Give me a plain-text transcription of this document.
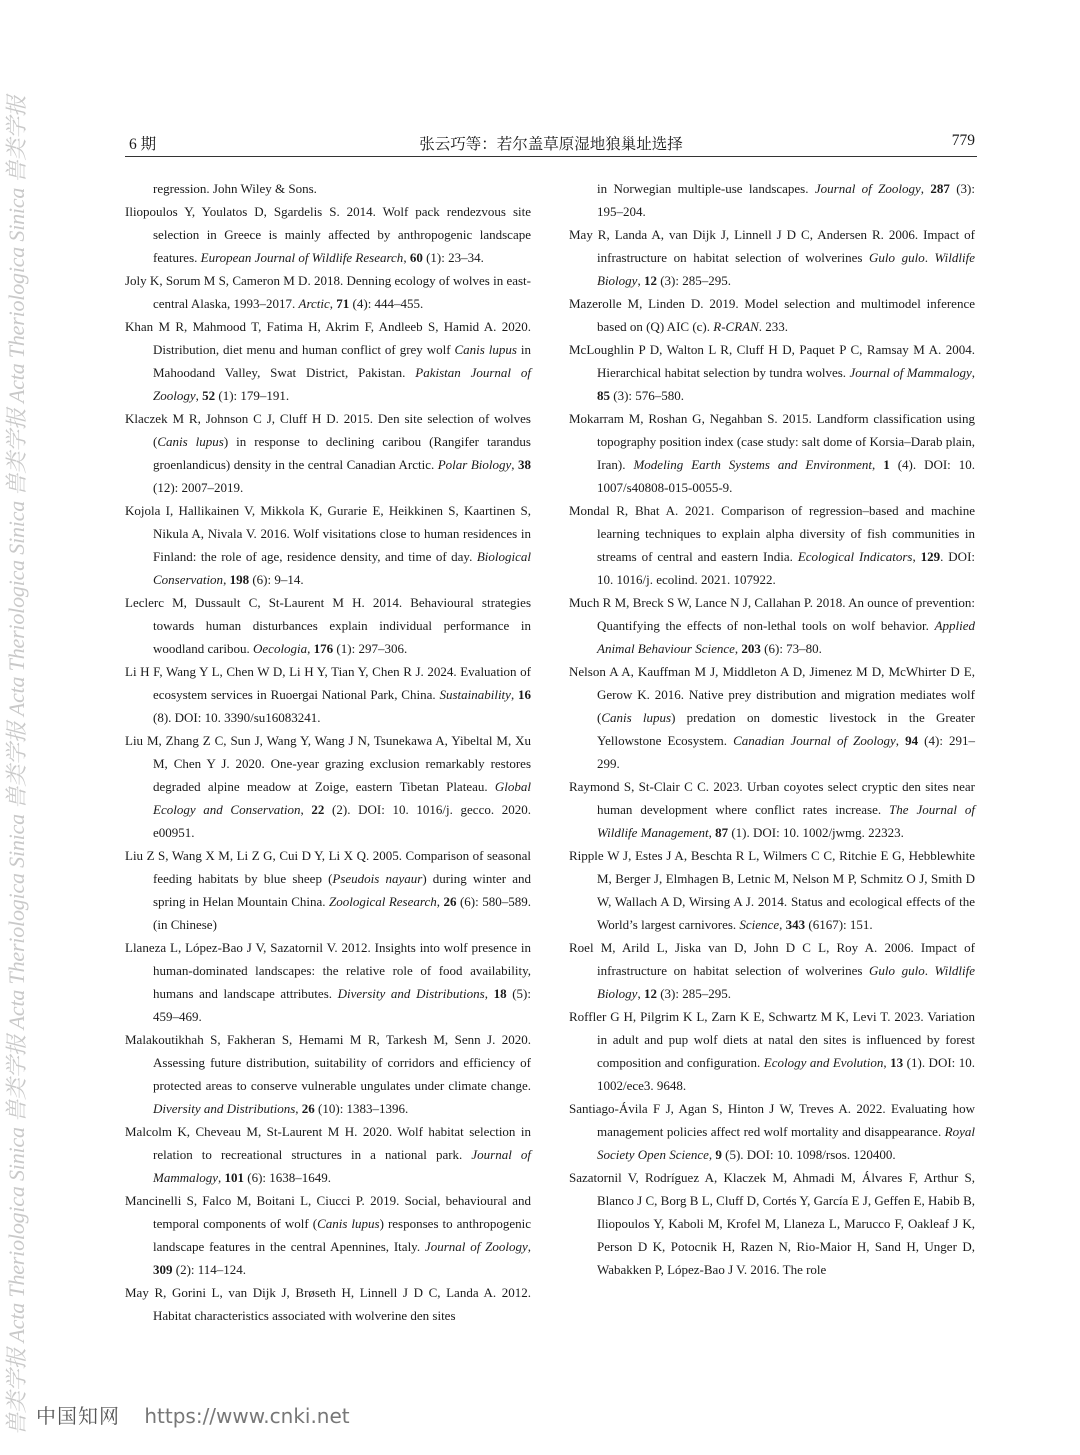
兽类学报 Acta Theriologica Sinica 兽类学报 Acta Theriologica Sinica 兽类学报 Acta Theriologica Sinica 兽类学报 Acta Theriologica Sinica 兽类学报
6 期	张云巧等：若尔盖草原湿地狼巢址选择	779

regression. John Wiley & Sons.

Iliopoulos Y, Youlatos D, Sgardelis S. 2014. Wolf pack rendezvous site selection in Greece is mainly affected by anthropogenic landscape features. European Journal of Wildlife Research, 60 (1): 23–34.

Joly K, Sorum M S, Cameron M D. 2018. Denning ecology of wolves in east-central Alaska, 1993–2017. Arctic, 71 (4): 444–455.

Khan M R, Mahmood T, Fatima H, Akrim F, Andleeb S, Hamid A. 2020. Distribution, diet menu and human conflict of grey wolf Canis lupus in Mahoodand Valley, Swat District, Pakistan. Pakistan Journal of Zoology, 52 (1): 179–191.

Klaczek M R, Johnson C J, Cluff H D. 2015. Den site selection of wolves (Canis lupus) in response to declining caribou (Rangifer tarandus groenlandicus) density in the central Canadian Arctic. Polar Biology, 38 (12): 2007–2019.

Kojola I, Hallikainen V, Mikkola K, Gurarie E, Heikkinen S, Kaartinen S, Nikula A, Nivala V. 2016. Wolf visitations close to human residences in Finland: the role of age, residence density, and time of day. Biological Conservation, 198 (6): 9–14.

Leclerc M, Dussault C, St-Laurent M H. 2014. Behavioural strategies towards human disturbances explain individual performance in woodland caribou. Oecologia, 176 (1): 297–306.

Li H F, Wang Y L, Chen W D, Li H Y, Tian Y, Chen R J. 2024. Evaluation of ecosystem services in Ruoergai National Park, China. Sustainability, 16 (8). DOI: 10. 3390/su16083241.

Liu M, Zhang Z C, Sun J, Wang Y, Wang J N, Tsunekawa A, Yibeltal M, Xu M, Chen Y J. 2020. One-year grazing exclusion remarkably restores degraded alpine meadow at Zoige, eastern Tibetan Plateau. Global Ecology and Conservation, 22 (2). DOI: 10. 1016/j. gecco. 2020. e00951.

Liu Z S, Wang X M, Li Z G, Cui D Y, Li X Q. 2005. Comparison of seasonal feeding habitats by blue sheep (Pseudois nayaur) during winter and spring in Helan Mountain China. Zoological Research, 26 (6): 580–589. (in Chinese)

Llaneza L, López-Bao J V, Sazatornil V. 2012. Insights into wolf presence in human-dominated landscapes: the relative role of food availability, humans and landscape attributes. Diversity and Distributions, 18 (5): 459–469.

Malakoutikhah S, Fakheran S, Hemami M R, Tarkesh M, Senn J. 2020. Assessing future distribution, suitability of corridors and efficiency of protected areas to conserve vulnerable ungulates under climate change. Diversity and Distributions, 26 (10): 1383–1396.

Malcolm K, Cheveau M, St-Laurent M H. 2020. Wolf habitat selection in relation to recreational structures in a national park. Journal of Mammalogy, 101 (6): 1638–1649.

Mancinelli S, Falco M, Boitani L, Ciucci P. 2019. Social, behavioural and temporal components of wolf (Canis lupus) responses to anthropogenic landscape features in the central Apennines, Italy. Journal of Zoology, 309 (2): 114–124.

May R, Gorini L, van Dijk J, Brøseth H, Linnell J D C, Landa A. 2012. Habitat characteristics associated with wolverine den sites

in Norwegian multiple-use landscapes. Journal of Zoology, 287 (3): 195–204.

May R, Landa A, van Dijk J, Linnell J D C, Andersen R. 2006. Impact of infrastructure on habitat selection of wolverines Gulo gulo. Wildlife Biology, 12 (3): 285–295.

Mazerolle M, Linden D. 2019. Model selection and multimodel inference based on (Q) AIC (c). R-CRAN. 233.

McLoughlin P D, Walton L R, Cluff H D, Paquet P C, Ramsay M A. 2004. Hierarchical habitat selection by tundra wolves. Journal of Mammalogy, 85 (3): 576–580.

Mokarram M, Roshan G, Negahban S. 2015. Landform classification using topography position index (case study: salt dome of Korsia–Darab plain, Iran). Modeling Earth Systems and Environment, 1 (4). DOI: 10. 1007/s40808-015-0055-9.

Mondal R, Bhat A. 2021. Comparison of regression–based and machine learning techniques to explain alpha diversity of fish communities in streams of central and eastern India. Ecological Indicators, 129. DOI: 10. 1016/j. ecolind. 2021. 107922.

Much R M, Breck S W, Lance N J, Callahan P. 2018. An ounce of prevention: Quantifying the effects of non-lethal tools on wolf behavior. Applied Animal Behaviour Science, 203 (6): 73–80.

Nelson A A, Kauffman M J, Middleton A D, Jimenez M D, McWhirter D E, Gerow K. 2016. Native prey distribution and migration mediates wolf (Canis lupus) predation on domestic livestock in the Greater Yellowstone Ecosystem. Canadian Journal of Zoology, 94 (4): 291–299.

Raymond S, St-Clair C C. 2023. Urban coyotes select cryptic den sites near human development where conflict rates increase. The Journal of Wildlife Management, 87 (1). DOI: 10. 1002/jwmg. 22323.

Ripple W J, Estes J A, Beschta R L, Wilmers C C, Ritchie E G, Hebblewhite M, Berger J, Elmhagen B, Letnic M, Nelson M P, Schmitz O J, Smith D W, Wallach A D, Wirsing A J. 2014. Status and ecological effects of the World’s largest carnivores. Science, 343 (6167): 151.

Roel M, Arild L, Jiska van D, John D C L, Roy A. 2006. Impact of infrastructure on habitat selection of wolverines Gulo gulo. Wildlife Biology, 12 (3): 285–295.

Roffler G H, Pilgrim K L, Zarn K E, Schwartz M K, Levi T. 2023. Variation in adult and pup wolf diets at natal den sites is influenced by forest composition and configuration. Ecology and Evolution, 13 (1). DOI: 10. 1002/ece3. 9648.

Santiago-Ávila F J, Agan S, Hinton J W, Treves A. 2022. Evaluating how management policies affect red wolf mortality and disappearance. Royal Society Open Science, 9 (5). DOI: 10. 1098/rsos. 120400.

Sazatornil V, Rodríguez A, Klaczek M, Ahmadi M, Álvares F, Arthur S, Blanco J C, Borg B L, Cluff D, Cortés Y, García E J, Geffen E, Habib B, Iliopoulos Y, Kaboli M, Krofel M, Llaneza L, Marucco F, Oakleaf J K, Person D K, Potocnik H, Razen N, Rio-Maior H, Sand H, Unger D, Wabakken P, López-Bao J V. 2016. The role

中国知网 https://www.cnki.net
